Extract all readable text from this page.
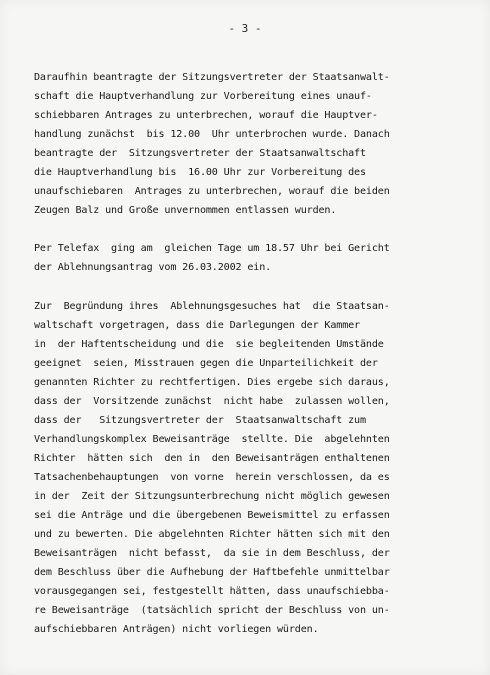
- 3 -
Daraufhin beantragte der Sitzungsvertreter der Staatsanwalt-
schaft die Hauptverhandlung zur Vorbereitung eines unauf-
schiebbaren Antrages zu unterbrechen, worauf die Hauptver-
handlung zunächst  bis 12.00  Uhr unterbrochen wurde. Danach
beantragte der  Sitzungsvertreter der Staatsanwaltschaft
die Hauptverhandlung bis  16.00 Uhr zur Vorbereitung des
unaufschiebaren  Antrages zu unterbrechen, worauf die beiden
Zeugen Balz und Große unvernommen entlassen wurden.
Per Telefax  ging am  gleichen Tage um 18.57 Uhr bei Gericht
der Ablehnungsantrag vom 26.03.2002 ein.
Zur  Begründung ihres  Ablehnungsgesuches hat  die Staatsan-
waltschaft vorgetragen, dass die Darlegungen der Kammer
in  der Haftentscheidung und die  sie begleitenden Umstände
geeignet  seien, Misstrauen gegen die Unparteilichkeit der
genannten Richter zu rechtfertigen. Dies ergebe sich daraus,
dass der  Vorsitzende zunächst  nicht habe  zulassen wollen,
dass der   Sitzungsvertreter der  Staatsanwaltschaft zum
Verhandlungskomplex Beweisanträge  stellte. Die  abgelehnten
Richter  hätten sich  den in  den Beweisanträgen enthaltenen
Tatsachenbehauptungen  von vorne  herein verschlossen, da es
in der  Zeit der Sitzungsunterbrechung nicht möglich gewesen
sei die Anträge und die übergebenen Beweismittel zu erfassen
und zu bewerten. Die abgelehnten Richter hätten sich mit den
Beweisanträgen  nicht befasst,  da sie in dem Beschluss, der
dem Beschluss über die Aufhebung der Haftbefehle unmittelbar
vorausgegangen sei, festgestellt hätten, dass unaufschiebba-
re Beweisanträge  (tatsächlich spricht der Beschluss von un-
aufschiebbaren Anträgen) nicht vorliegen würden.
